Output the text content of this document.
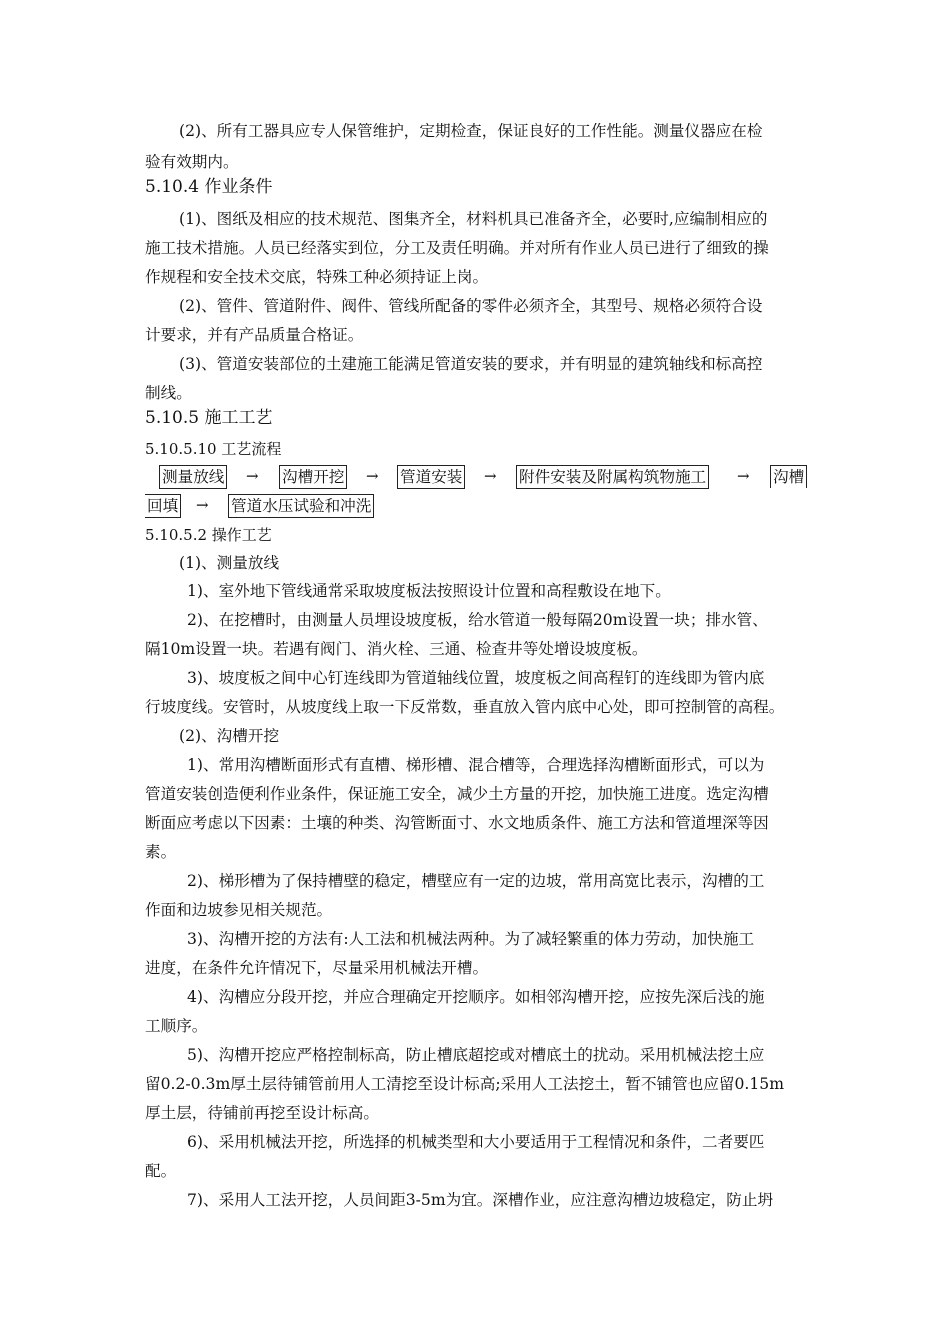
(2)、所有工器具应专人保管维护，定期检查，保证良好的工作性能。测量仪器应在检
验有效期内。
5.10.4 作业条件
(1)、图纸及相应的技术规范、图集齐全，材料机具已准备齐全，必要时,应编制相应的
施工技术措施。人员已经落实到位，分工及责任明确。并对所有作业人员已进行了细致的操
作规程和安全技术交底，特殊工种必须持证上岗。
(2)、管件、管道附件、阀件、管线所配备的零件必须齐全，其型号、规格必须符合设
计要求，并有产品质量合格证。
(3)、管道安装部位的土建施工能满足管道安装的要求，并有明显的建筑轴线和标高控
制线。
5.10.5 施工工艺
5.10.5.10 工艺流程
测量放线 → 沟槽开挖 → 管道安装 → 附件安装及附属构筑物施工 → 沟槽
回填 → 管道水压试验和冲洗
5.10.5.2 操作工艺
(1)、测量放线
1)、室外地下管线通常采取坡度板法按照设计位置和高程敷设在地下。
2)、在挖槽时，由测量人员埋设坡度板，给水管道一般每隔20m设置一块；排水管、
隔10m设置一块。若遇有阀门、消火栓、三通、检查井等处增设坡度板。
3)、坡度板之间中心钉连线即为管道轴线位置，坡度板之间高程钉的连线即为管内底
行坡度线。安管时，从坡度线上取一下反常数，垂直放入管内底中心处，即可控制管的高程。
(2)、沟槽开挖
1)、常用沟槽断面形式有直槽、梯形槽、混合槽等，合理选择沟槽断面形式，可以为
管道安装创造便利作业条件，保证施工安全，减少土方量的开挖，加快施工进度。选定沟槽
断面应考虑以下因素：土壤的种类、沟管断面寸、水文地质条件、施工方法和管道埋深等因
素。
2)、梯形槽为了保持槽壁的稳定，槽壁应有一定的边坡，常用高宽比表示，沟槽的工
作面和边坡参见相关规范。
3)、沟槽开挖的方法有:人工法和机械法两种。为了减轻繁重的体力劳动，加快施工
进度，在条件允许情况下，尽量采用机械法开槽。
4)、沟槽应分段开挖，并应合理确定开挖顺序。如相邻沟槽开挖，应按先深后浅的施
工顺序。
5)、沟槽开挖应严格控制标高，防止槽底超挖或对槽底土的扰动。采用机械法挖土应
留0.2-0.3m厚土层待铺管前用人工清挖至设计标高;采用人工法挖土，暂不铺管也应留0.15m
厚土层，待铺前再挖至设计标高。
6)、采用机械法开挖，所选择的机械类型和大小要适用于工程情况和条件，二者要匹
配。
7)、采用人工法开挖，人员间距3-5m为宜。深槽作业，应注意沟槽边坡稳定，防止坍
